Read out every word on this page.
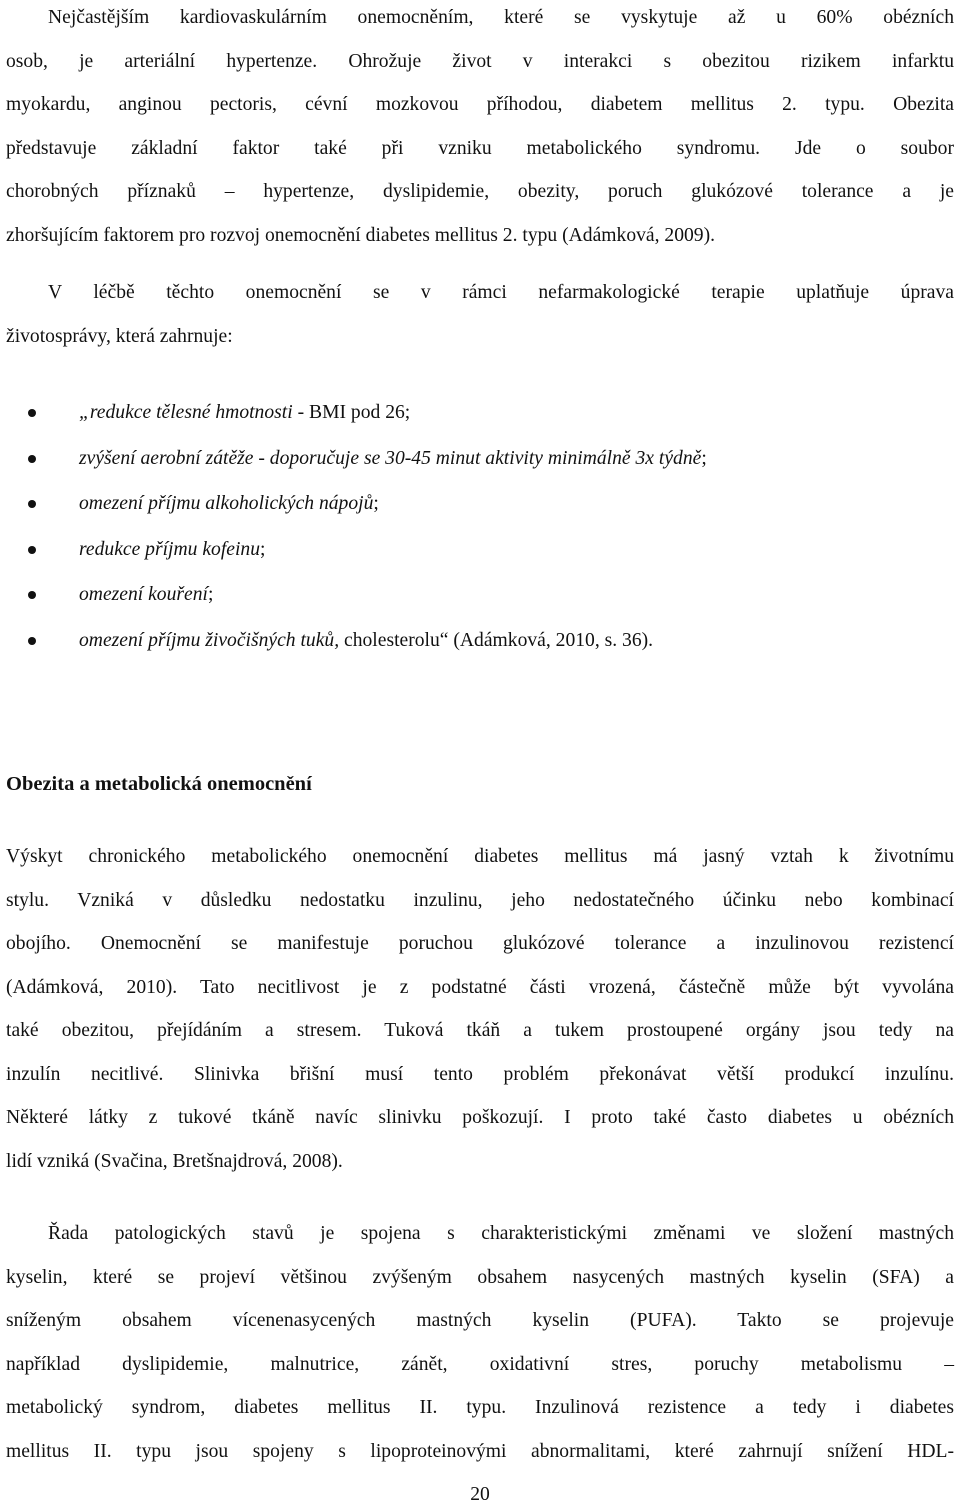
Nejčastějším kardiovaskulárním onemocněním, které se vyskytuje až u 60% obézních
osob, je arteriální hypertenze. Ohrožuje život v interakci s obezitou rizikem infarktu
myokardu, anginou pectoris, cévní mozkovou příhodou, diabetem mellitus 2. typu. Obezita
představuje základní faktor také při vzniku metabolického syndromu. Jde o soubor
chorobných příznaků – hypertenze, dyslipidemie, obezity, poruch glukózové tolerance a je
zhoršujícím faktorem pro rozvoj onemocnění diabetes mellitus 2. typu (Adámková, 2009).
V léčbě těchto onemocnění se v rámci nefarmakologické terapie uplatňuje úprava
životosprávy, která zahrnuje:
„redukce tělesné hmotnosti - BMI pod 26;
zvýšení aerobní zátěže - doporučuje se 30-45 minut aktivity minimálně 3x týdně;
omezení příjmu alkoholických nápojů;
redukce příjmu kofeinu;
omezení kouření;
omezení příjmu živočišných tuků, cholesterolu“ (Adámková, 2010, s. 36).
Obezita a metabolická onemocnění
Výskyt chronického metabolického onemocnění diabetes mellitus má jasný vztah k životnímu
stylu. Vzniká v důsledku nedostatku inzulinu, jeho nedostatečného účinku nebo kombinací
obojího. Onemocnění se manifestuje poruchou glukózové tolerance a inzulinovou rezistencí
(Adámková, 2010). Tato necitlivost je z podstatné části vrozená, částečně může být vyvolána
také obezitou, přejídáním a stresem. Tuková tkáň a tukem prostoupené orgány jsou tedy na
inzulín necitlivé. Slinivka břišní musí tento problém překonávat větší produkcí inzulínu.
Některé látky z tukové tkáně navíc slinivku poškozují. I proto také často diabetes u obézních
lidí vzniká (Svačina, Bretšnajdrová, 2008).
Řada patologických stavů je spojena s charakteristickými změnami ve složení mastných
kyselin, které se projeví většinou zvýšeným obsahem nasycených mastných kyselin (SFA) a
sníženým obsahem vícenenasycených mastných kyselin (PUFA). Takto se projevuje
například dyslipidemie, malnutrice, zánět, oxidativní stres, poruchy metabolismu –
metabolický syndrom, diabetes mellitus II. typu. Inzulinová rezistence a tedy i diabetes
mellitus II. typu jsou spojeny s lipoproteinovými abnormalitami, které zahrnují snížení HDL-
20
